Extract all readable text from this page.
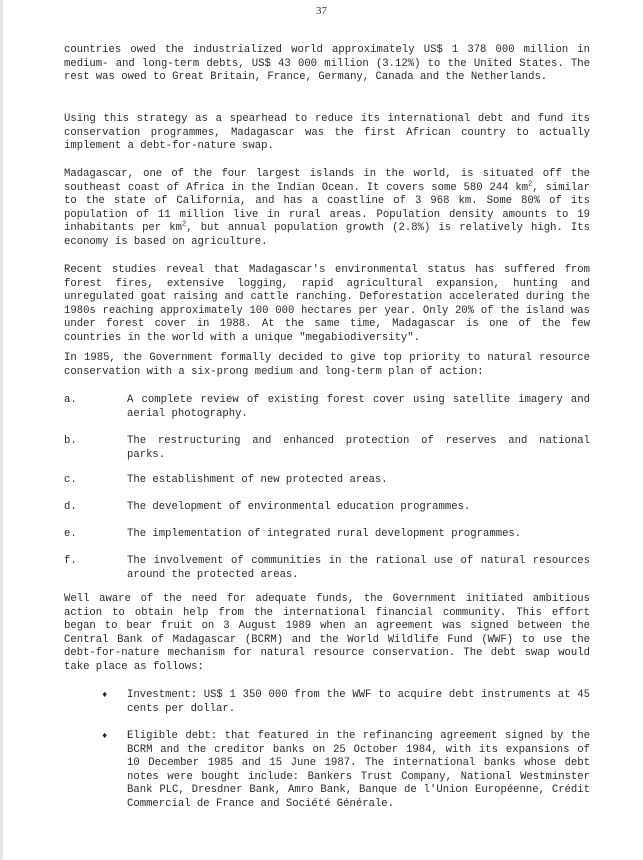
37

countries owed the industrialized world approximately US$ 1 378 000 million in medium- and long-term debts, US$ 43 000 million (3.12%) to the United States. The rest was owed to Great Britain, France, Germany, Canada and the Netherlands.

Using this strategy as a spearhead to reduce its international debt and fund its conservation programmes, Madagascar was the first African country to actually implement a debt-for-nature swap.

Madagascar, one of the four largest islands in the world, is situated off the southeast coast of Africa in the Indian Ocean. It covers some 580 244 $km^2$, similar to the state of California, and has a coastline of 3 968 km. Some 80% of its population of 11 million live in rural areas. Population density amounts to 19 inhabitants per $km^2$, but annual population growth (2.8%) is relatively high. Its economy is based on agriculture.

Recent studies reveal that Madagascar's environmental status has suffered from forest fires, extensive logging, rapid agricultural expansion, hunting and unregulated goat raising and cattle ranching. Deforestation accelerated during the 1980s reaching approximately 100 000 hectares per year. Only 20% of the island was under forest cover in 1988. At the same time, Madagascar is one of the few countries in the world with a unique "megabiodiversity".

In 1985, the Government formally decided to give top priority to natural resource conservation with a six-prong medium and long-term plan of action:

a.	A complete review of existing forest cover using satellite imagery and aerial photography.
b.	The restructuring and enhanced protection of reserves and national parks.
c.	The establishment of new protected areas.
d.	The development of environmental education programmes.
e.	The implementation of integrated rural development programmes.
f.	The involvement of communities in the rational use of natural resources around the protected areas.

Well aware of the need for adequate funds, the Government initiated ambitious action to obtain help from the international financial community. This effort began to bear fruit on 3 August 1989 when an agreement was signed between the Central Bank of Madagascar (BCRM) and the World Wildlife Fund (WWF) to use the debt-for-nature mechanism for natural resource conservation. The debt swap would take place as follows:

♦ Investment: US$ 1 350 000 from the WWF to acquire debt instruments at 45 cents per dollar.
♦ Eligible debt: that featured in the refinancing agreement signed by the BCRM and the creditor banks on 25 October 1984, with its expansions of 10 December 1985 and 15 June 1987. The international banks whose debt notes were bought include: Bankers Trust Company, National Westminster Bank PLC, Dresdner Bank, Amro Bank, Banque de l'Union Européenne, Crédit Commercial de France and Société Générale.
